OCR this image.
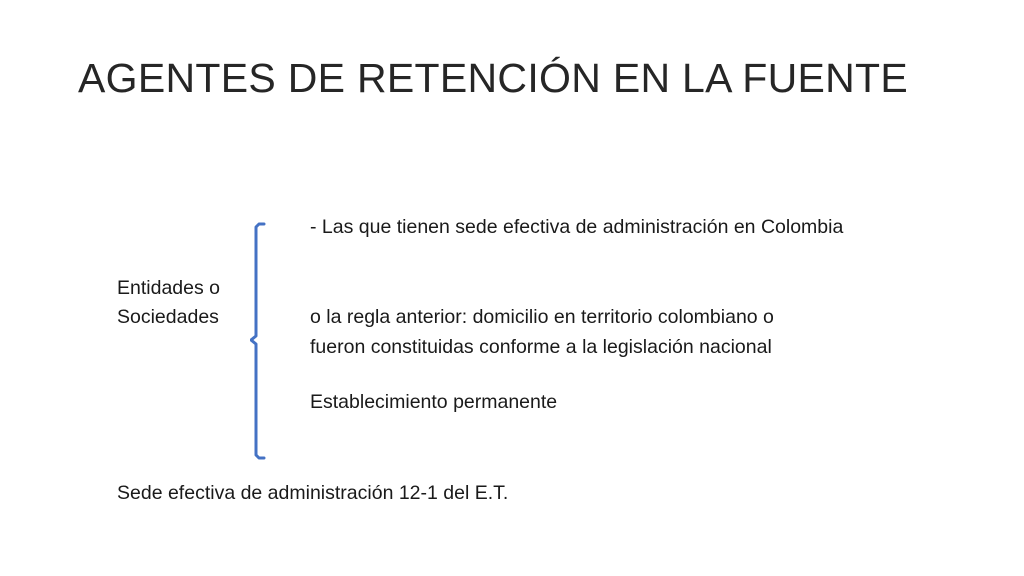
AGENTES DE RETENCIÓN EN LA FUENTE
Entidades o
Sociedades
- Las que tienen sede efectiva de administración en Colombia
o la regla anterior: domicilio en territorio colombiano o
fueron constituidas conforme a la legislación nacional
Establecimiento permanente
Sede efectiva de administración 12-1 del E.T.
